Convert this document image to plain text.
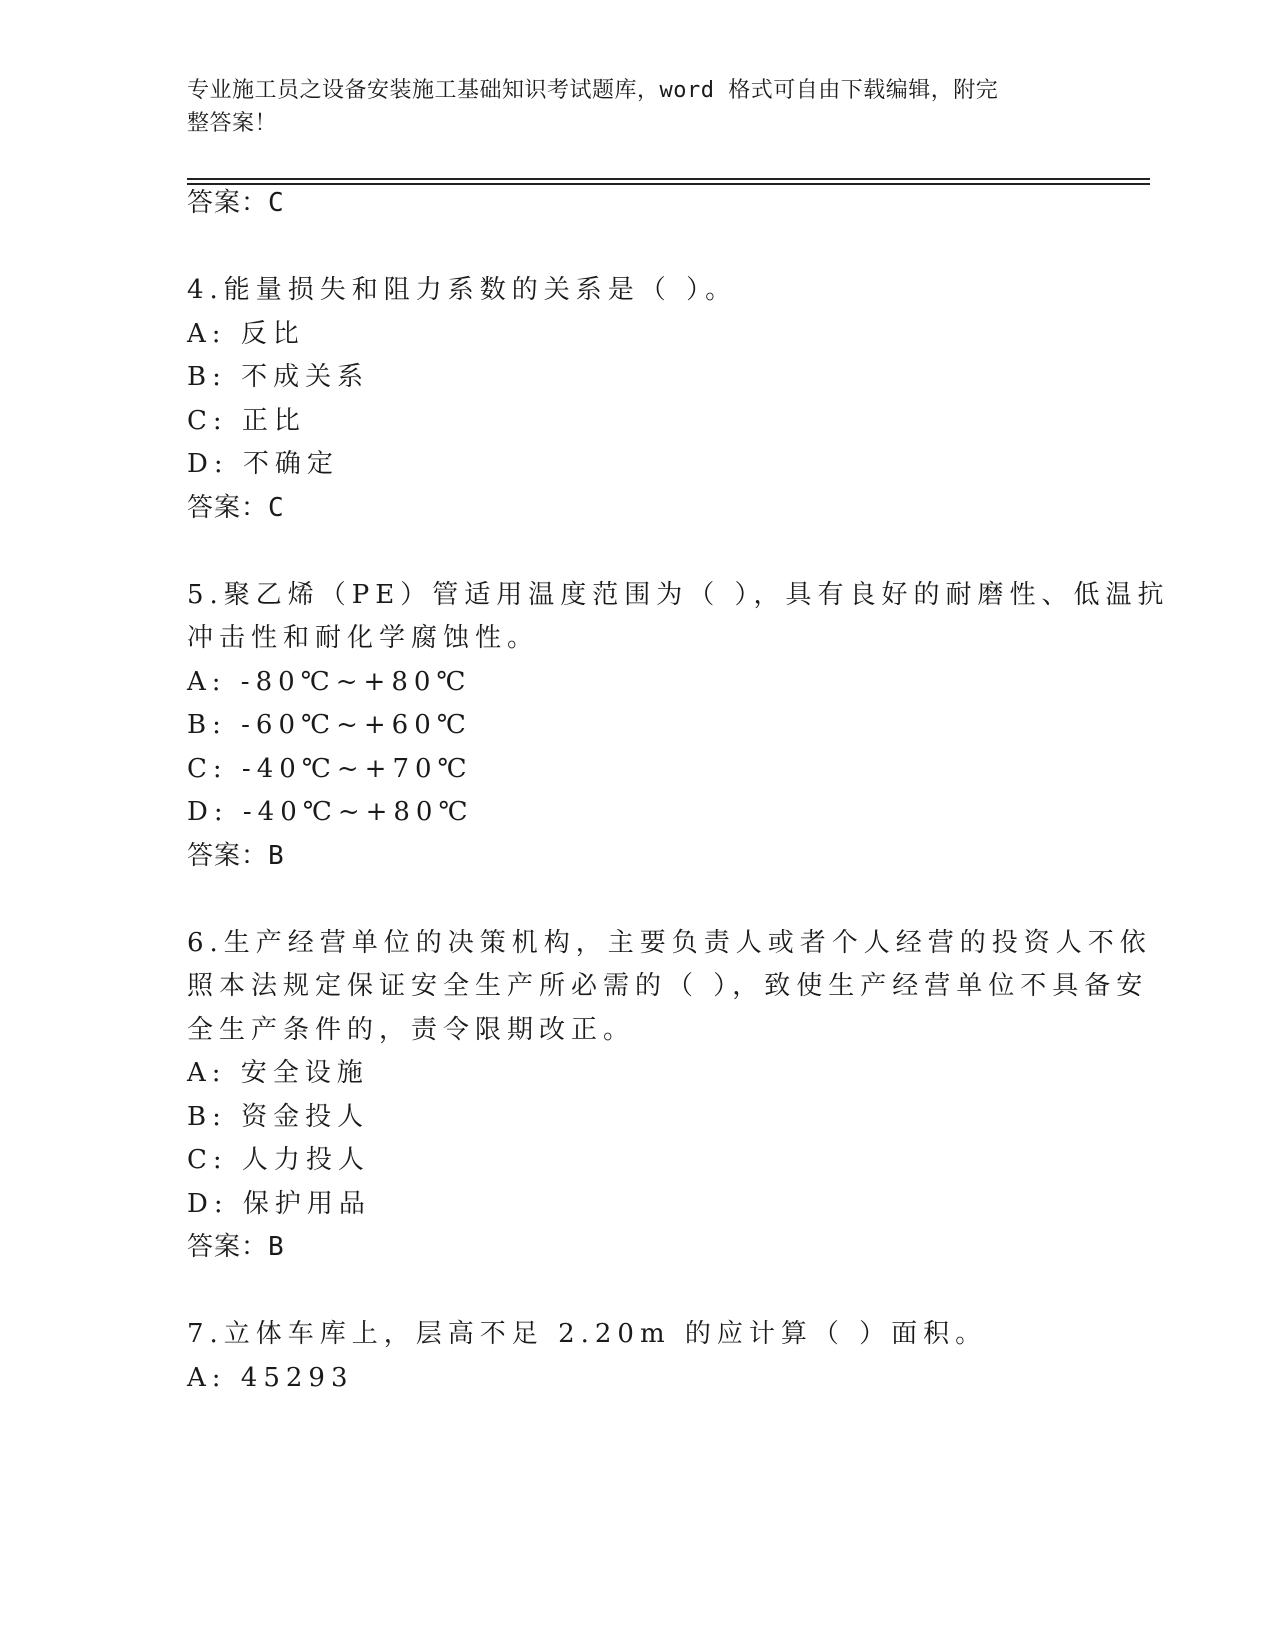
专业施工员之设备安装施工基础知识考试题库，word 格式可自由下载编辑，附完
整答案！
答案：C
4.能量损失和阻力系数的关系是（ ）。
A: 反比
B: 不成关系
C: 正比
D: 不确定
答案：C
5.聚乙烯（PE）管适用温度范围为（ ），具有良好的耐磨性、低温抗
冲击性和耐化学腐蚀性。
A: -80℃~+80℃
B: -60℃~+60℃
C: -40℃~+70℃
D: -40℃~+80℃
答案：B
6.生产经营单位的决策机构，主要负责人或者个人经营的投资人不依
照本法规定保证安全生产所必需的（ ），致使生产经营单位不具备安
全生产条件的，责令限期改正。
A: 安全设施
B: 资金投人
C: 人力投人
D: 保护用品
答案：B
7.立体车库上，层高不足 2.20m 的应计算（ ）面积。
A: 45293
